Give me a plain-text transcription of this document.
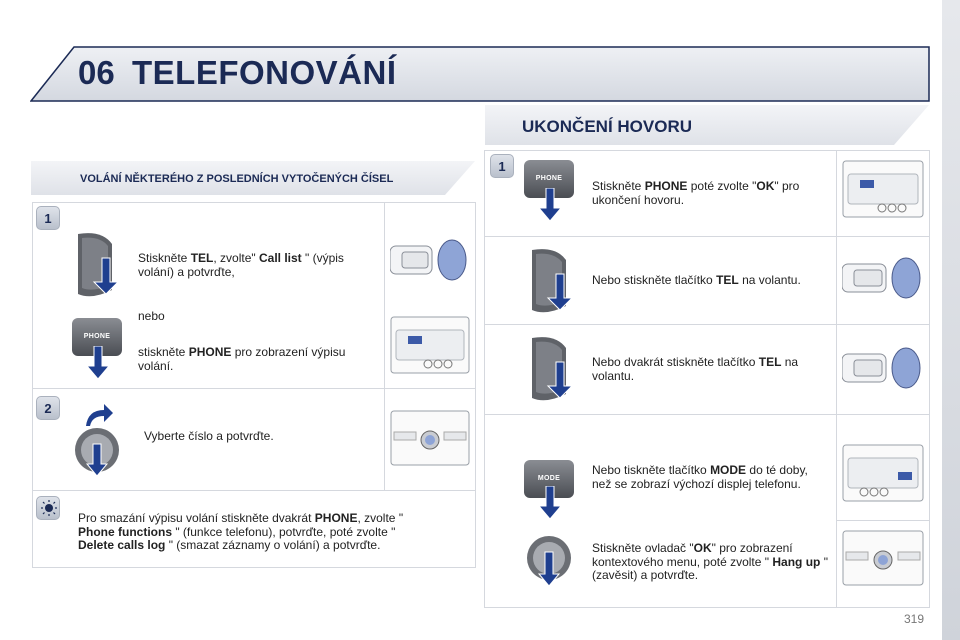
06 TELEFONOVÁNÍ
UKONČENÍ HOVORU
VOLÁNÍ NĚKTERÉHO Z POSLEDNÍCH VYTOČENÝCH ČÍSEL
1
Stiskněte TEL, zvolte" Call list " (výpis volání) a potvrďte,
nebo
PHONE
stiskněte PHONE pro zobrazení výpisu volání.
2
Vyberte číslo a potvrďte.
Pro smazání výpisu volání stiskněte dvakrát PHONE, zvolte " Phone functions " (funkce telefonu), potvrďte, poté zvolte " Delete calls log " (smazat záznamy o volání) a potvrďte.
1
PHONE
Stiskněte PHONE poté zvolte "OK" pro ukončení hovoru.
Nebo stiskněte tlačítko TEL na volantu.
Nebo dvakrát stiskněte tlačítko TEL na volantu.
MODE
Nebo tiskněte tlačítko MODE do té doby, než se zobrazí výchozí displej telefonu.
Stiskněte ovladač "OK" pro zobrazení kontextového menu, poté zvolte " Hang up " (zavěsit) a potvrďte.
319
